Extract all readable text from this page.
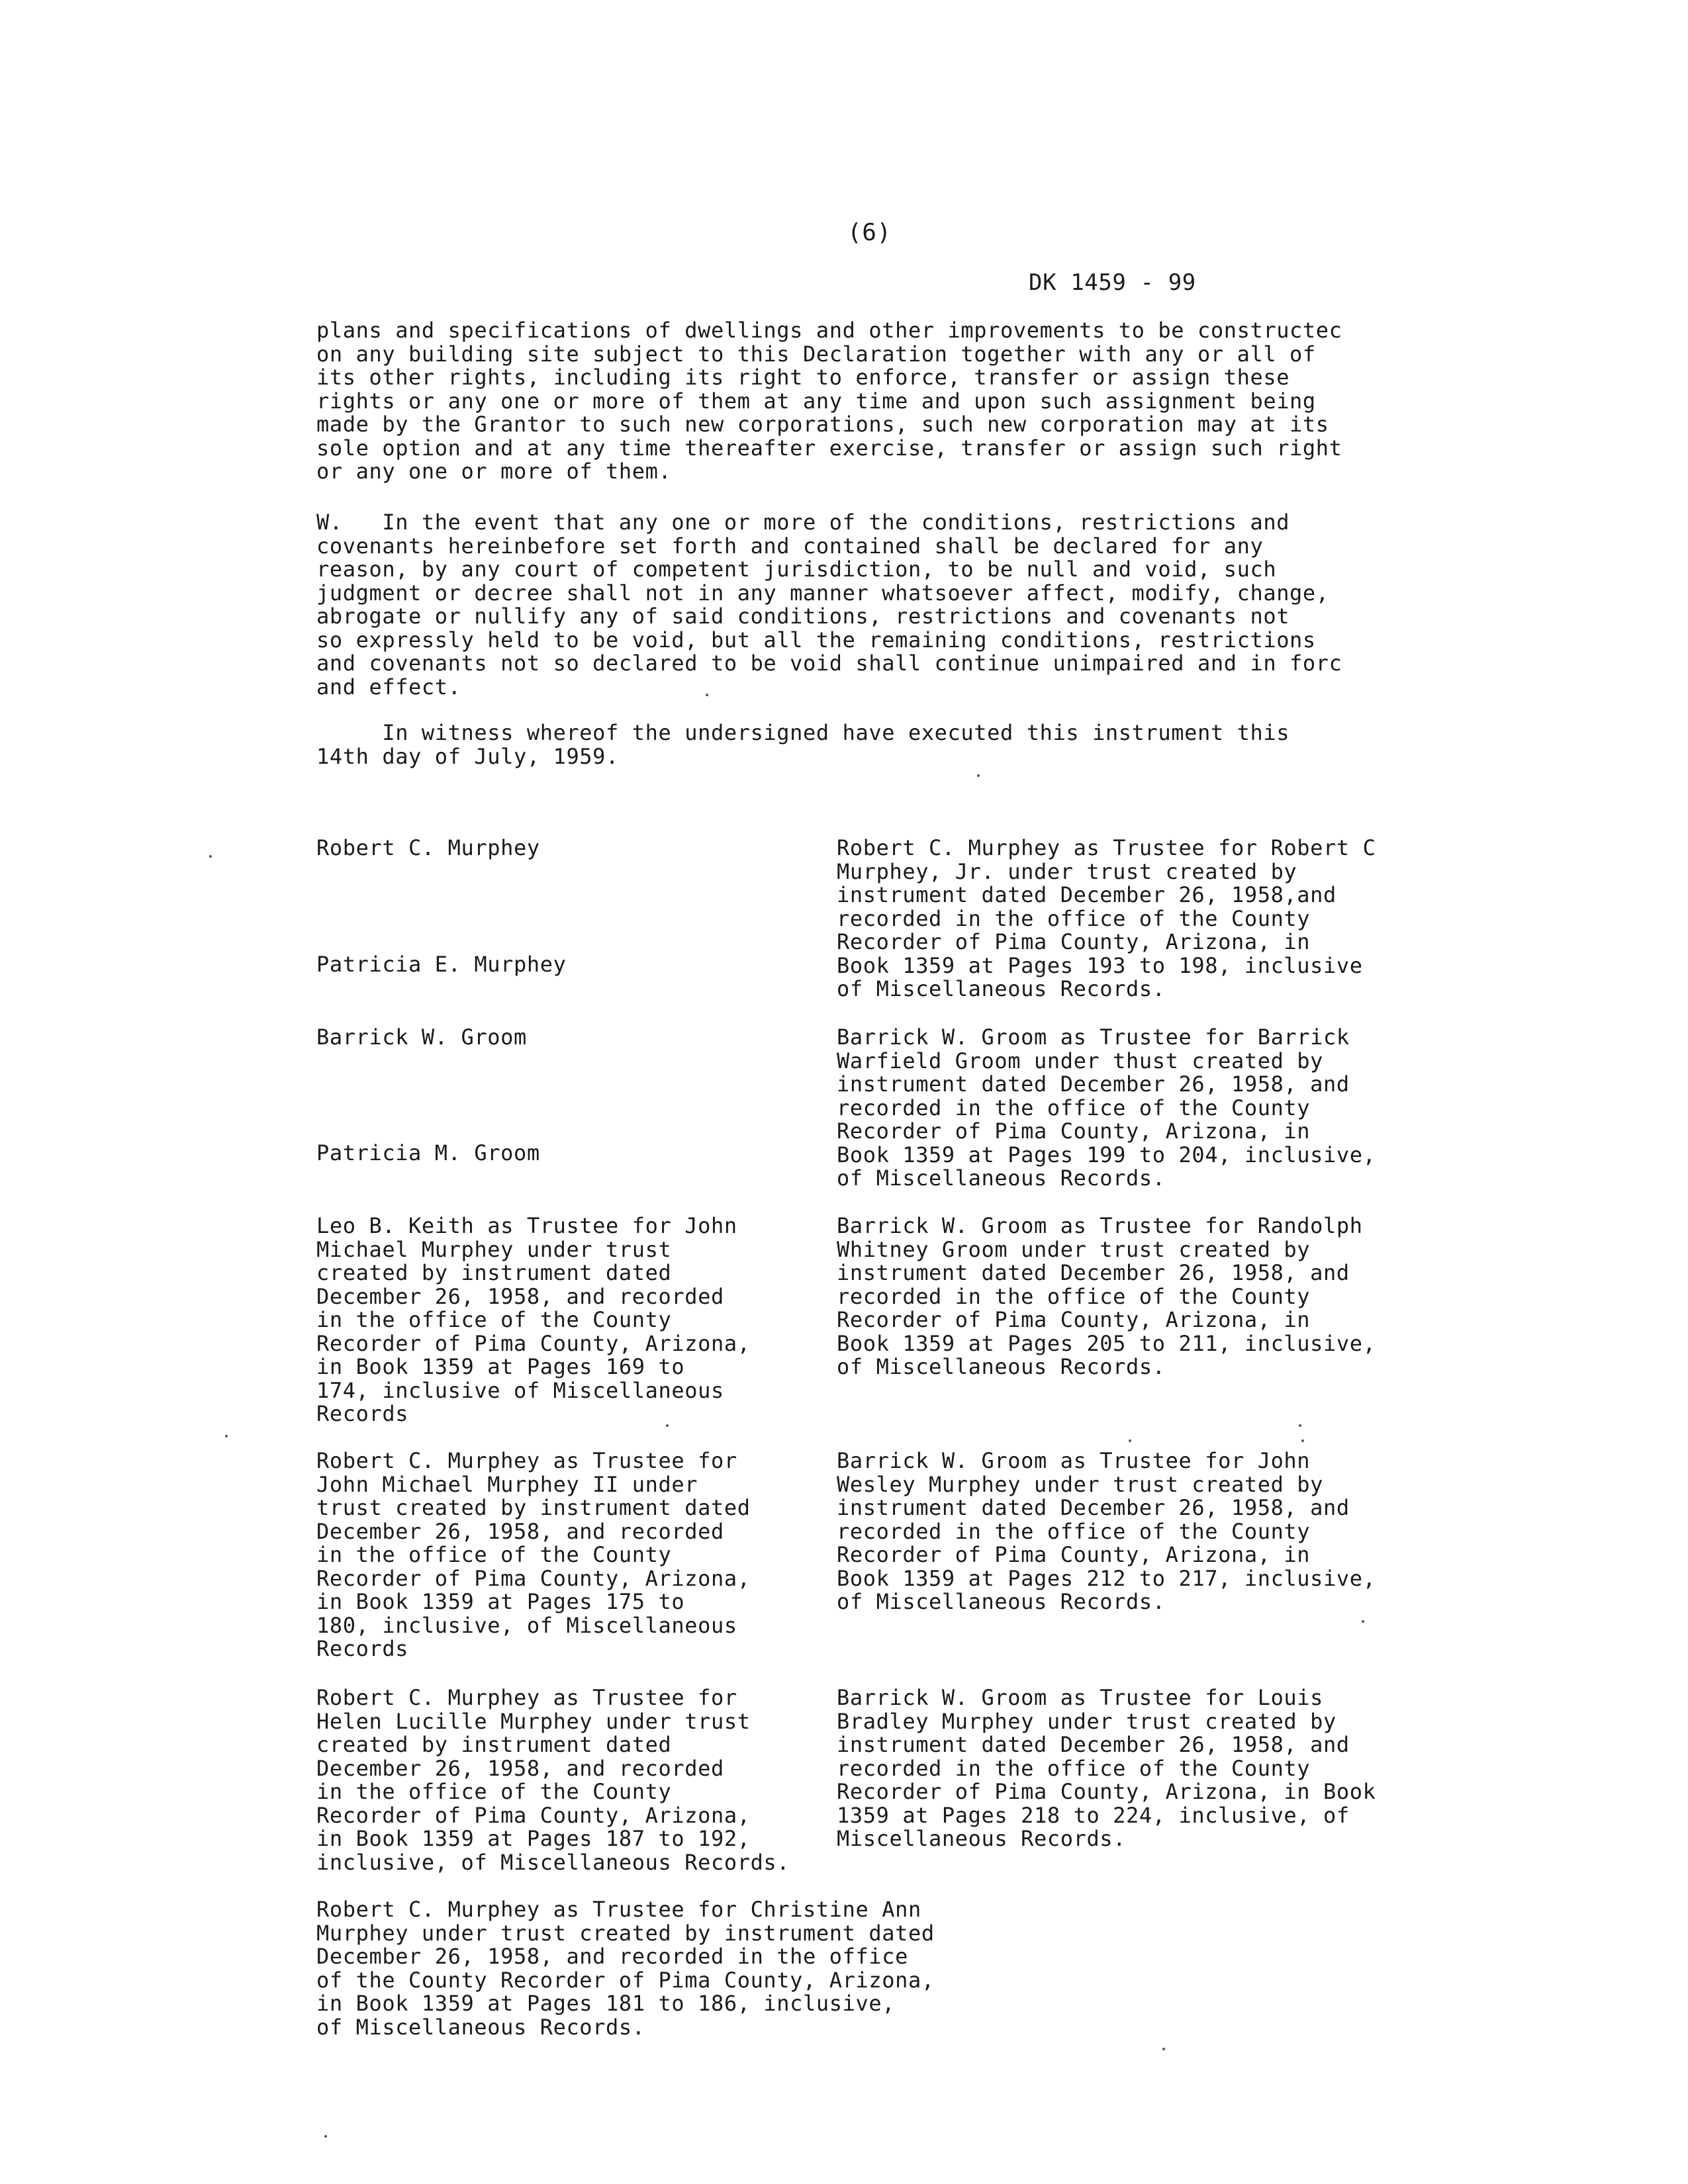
(6)
DK 1459 - 99

plans and specifications of dwellings and other improvements to be constructec
on any building site subject to this Declaration together with any or all of
its other rights, including its right to enforce, transfer or assign these
rights or any one or more of them at any time and upon such assignment being
made by the Grantor to such new corporations, such new corporation may at its
sole option and at any time thereafter exercise, transfer or assign such right
or any one or more of them.

W.   In the event that any one or more of the conditions, restrictions and
covenants hereinbefore set forth and contained shall be declared for any
reason, by any court of competent jurisdiction, to be null and void, such
judgment or decree shall not in any manner whatsoever affect, modify, change,
abrogate or nullify any of said conditions, restrictions and covenants not
so expressly held to be void, but all the remaining conditions, restrictions
and covenants not so declared to be void shall continue unimpaired and in forc
and effect.

In witness whereof the undersigned have executed this instrument this
14th day of July, 1959.

Robert C. Murphey
Patricia E. Murphey
Barrick W. Groom
Patricia M. Groom
Robert C. Murphey as Trustee for Robert C
Murphey, Jr. under trust created by
instrument dated December 26, 1958,and
recorded in the office of the County
Recorder of Pima County, Arizona, in
Book 1359 at Pages 193 to 198, inclusive
of Miscellaneous Records.
Barrick W. Groom as Trustee for Barrick
Warfield Groom under thust created by
instrument dated December 26, 1958, and
recorded in the office of the County
Recorder of Pima County, Arizona, in
Book 1359 at Pages 199 to 204, inclusive,
of Miscellaneous Records.
Leo B. Keith as Trustee for John
Michael Murphey under trust
created by instrument dated
December 26, 1958, and recorded
in the office of the County
Recorder of Pima County, Arizona,
in Book 1359 at Pages 169 to
174, inclusive of Miscellaneous
Records
Barrick W. Groom as Trustee for Randolph
Whitney Groom under trust created by
instrument dated December 26, 1958, and
recorded in the office of the County
Recorder of Pima County, Arizona, in
Book 1359 at Pages 205 to 211, inclusive,
of Miscellaneous Records.
Robert C. Murphey as Trustee for
John Michael Murphey II under
trust created by instrument dated
December 26, 1958, and recorded
in the office of the County
Recorder of Pima County, Arizona,
in Book 1359 at Pages 175 to
180, inclusive, of Miscellaneous
Records
Barrick W. Groom as Trustee for John
Wesley Murphey under trust created by
instrument dated December 26, 1958, and
recorded in the office of the County
Recorder of Pima County, Arizona, in
Book 1359 at Pages 212 to 217, inclusive,
of Miscellaneous Records.
Robert C. Murphey as Trustee for
Helen Lucille Murphey under trust
created by instrument dated
December 26, 1958, and recorded
in the office of the County
Recorder of Pima County, Arizona,
in Book 1359 at Pages 187 to 192,
inclusive, of Miscellaneous Records.
Barrick W. Groom as Trustee for Louis
Bradley Murphey under trust created by
instrument dated December 26, 1958, and
recorded in the office of the County
Recorder of Pima County, Arizona, in Book
1359 at Pages 218 to 224, inclusive, of
Miscellaneous Records.
Robert C. Murphey as Trustee for Christine Ann
Murphey under trust created by instrument dated
December 26, 1958, and recorded in the office
of the County Recorder of Pima County, Arizona,
in Book 1359 at Pages 181 to 186, inclusive,
of Miscellaneous Records.
